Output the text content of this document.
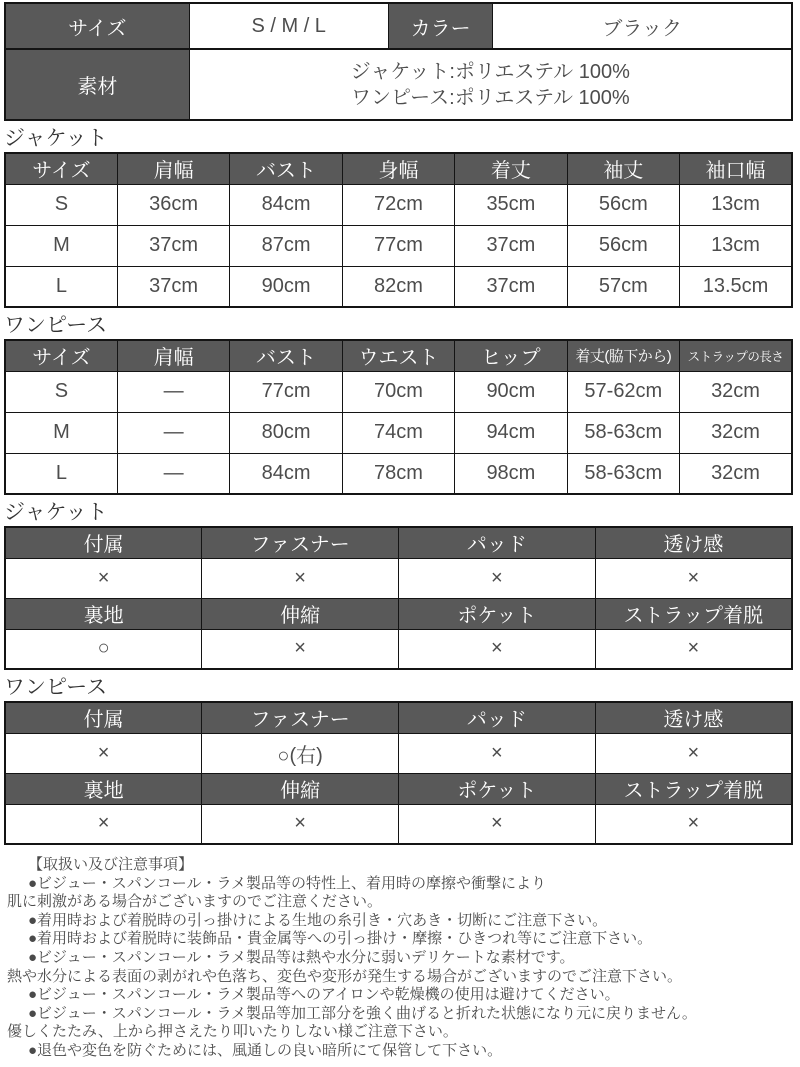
サイズ	S / M / L	カラー	ブラック
素材	ジャケット:ポリエステル 100%
ワンピース:ポリエステル 100%		
ジャケット
サイズ	肩幅	バスト	身幅	着丈	袖丈	袖口幅
S	36cm	84cm	72cm	35cm	56cm	13cm
M	37cm	87cm	77cm	37cm	56cm	13cm
L	37cm	90cm	82cm	37cm	57cm	13.5cm
ワンピース
サイズ	肩幅	バスト	ウエスト	ヒップ	着丈(脇下から)	ストラップの長さ
S	―	77cm	70cm	90cm	57-62cm	32cm
M	―	80cm	74cm	94cm	58-63cm	32cm
L	―	84cm	78cm	98cm	58-63cm	32cm
ジャケット
付属	ファスナー	パッド	透け感
×	×	×	×
裏地	伸縮	ポケット	ストラップ着脱
○	×	×	×
ワンピース
付属	ファスナー	パッド	透け感
×	○(右)	×	×
裏地	伸縮	ポケット	ストラップ着脱
×	×	×	×
【取扱い及び注意事項】
●ビジュー・スパンコール・ラメ製品等の特性上、着用時の摩擦や衝撃により
肌に刺激がある場合がございますのでご注意ください。
●着用時および着脱時の引っ掛けによる生地の糸引き・穴あき・切断にご注意下さい。
●着用時および着脱時に装飾品・貴金属等への引っ掛け・摩擦・ひきつれ等にご注意下さい。
●ビジュー・スパンコール・ラメ製品等は熱や水分に弱いデリケートな素材です。
熱や水分による表面の剥がれや色落ち、変色や変形が発生する場合がございますのでご注意下さい。
●ビジュー・スパンコール・ラメ製品等へのアイロンや乾燥機の使用は避けてください。
●ビジュー・スパンコール・ラメ製品等加工部分を強く曲げると折れた状態になり元に戻りません。
優しくたたみ、上から押さえたり叩いたりしない様ご注意下さい。
●退色や変色を防ぐためには、風通しの良い暗所にて保管して下さい。
